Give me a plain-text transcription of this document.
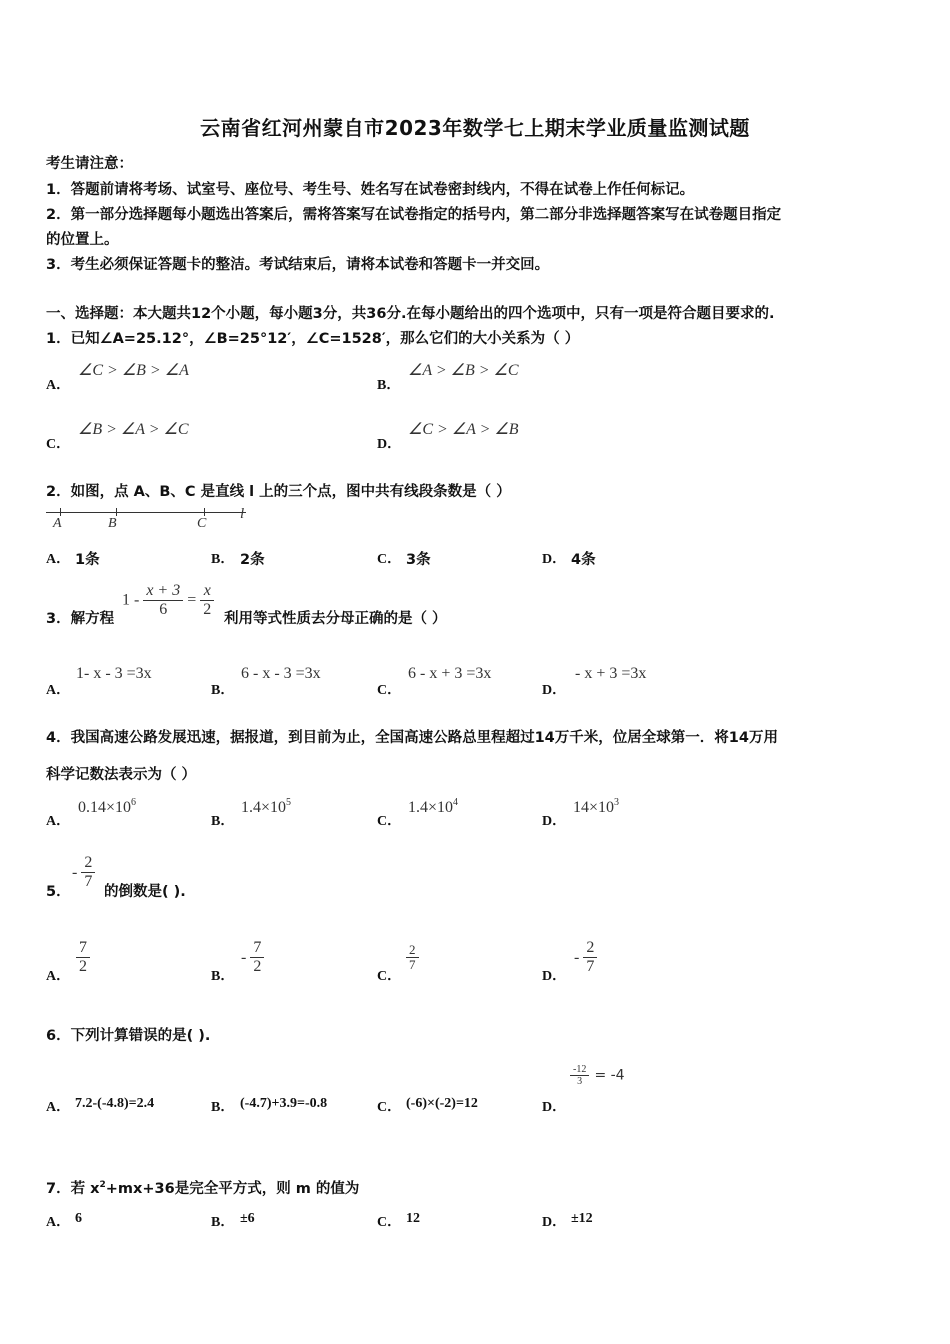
云南省红河州蒙自市2023年数学七上期末学业质量监测试题
考生请注意：
1．答题前请将考场、试室号、座位号、考生号、姓名写在试卷密封线内，不得在试卷上作任何标记。
2．第一部分选择题每小题选出答案后，需将答案写在试卷指定的括号内，第二部分非选择题答案写在试卷题目指定
的位置上。
3．考生必须保证答题卡的整洁。考试结束后，请将本试卷和答题卡一并交回。
一、选择题：本大题共12个小题，每小题3分，共36分.在每小题给出的四个选项中，只有一项是符合题目要求的.
1．已知∠A=25.12°，∠B=25°12′，∠C=1528′，那么它们的大小关系为（ ）
A．
∠C > ∠B > ∠A
B．
∠A > ∠B > ∠C
C．
∠B > ∠A > ∠C
D．
∠C > ∠A > ∠B
2．如图，点 A、B、C 是直线 l 上的三个点，图中共有线段条数是（ ）
A	B	C
l
A． 1条	B． 2条	C． 3条	D． 4条
3．解方程
$1 - \frac{x + 3}{6} = \frac{x}{2}$ 利用等式性质去分母正确的是（ ）
A．
1- x - 3 =3x
B．
6 - x - 3 =3x
C．
6 - x + 3 =3x
D．
- x + 3 =3x
4．我国高速公路发展迅速，据报道，到目前为止，全国高速公路总里程超过14万千米，位居全球第一．将14万用
科学记数法表示为（ ）
A．
$0.14\times 10^6$
B．
$1.4\times 10^5$
C．
$1.4\times 10^4$
D．
$14\times 10^3$
5．
- $\frac{2}{7}$
的倒数是( ).
A．
$\frac{7}{2}$
B．
- $\frac{7}{2}$
C．
$\frac{2}{7}$
D．
- $\frac{2}{7}$
6．下列计算错误的是( ).
A． 7.2-(-4.8)=2.4	B． (-4.7)+3.9=-0.8	C． (-6)×(-2)=12	D．
$\frac{-12}{3} = -4$
7．若 $x^2+mx+36$是完全平方式，则 m 的值为
A． 6	B． ±6	C． 12	D． ±12
